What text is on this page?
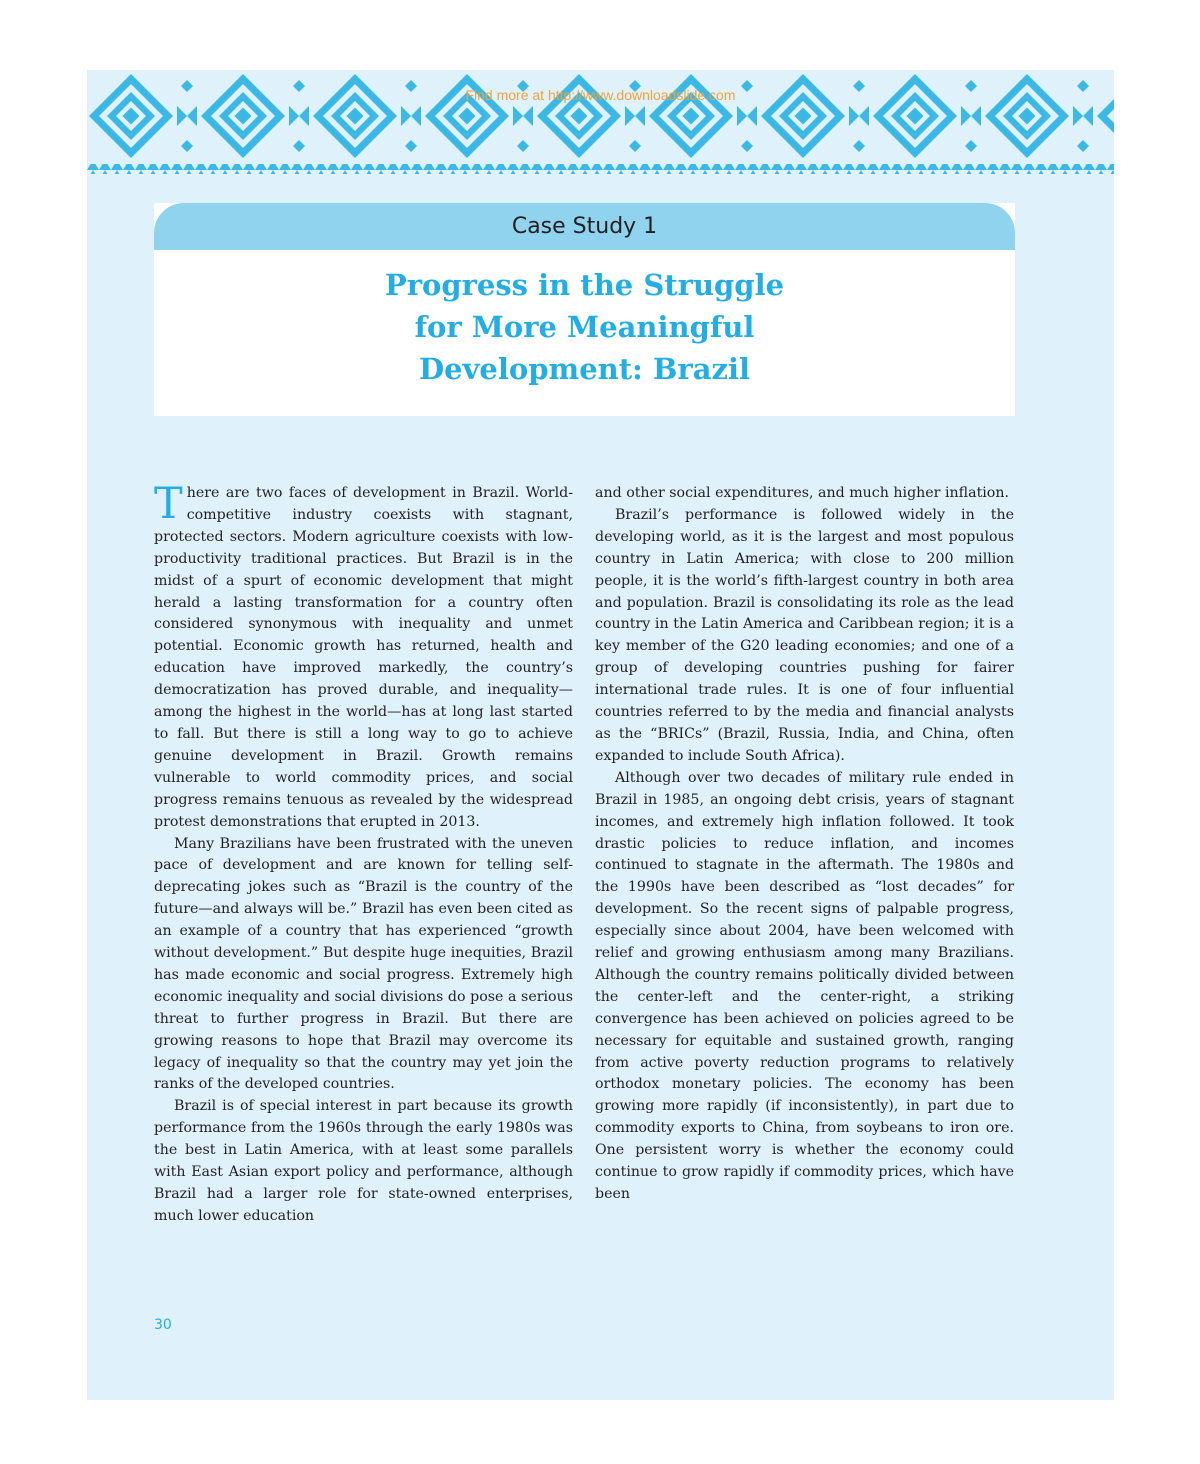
Find more at http://www.downloadslide.com
Case Study 1
Progress in the Struggle
for More Meaningful
Development: Brazil

There are two faces of development in Brazil. World-competitive industry coexists with stagnant, protected sectors. Modern agriculture coexists with low-productivity traditional practices. But Brazil is in the midst of a spurt of economic development that might herald a lasting transformation for a country often considered synonymous with inequality and unmet potential. Economic growth has returned, health and education have improved markedly, the country’s democratization has proved durable, and inequality—among the highest in the world—has at long last started to fall. But there is still a long way to go to achieve genuine development in Brazil. Growth remains vulnerable to world commodity prices, and social progress remains tenuous as revealed by the widespread protest demonstrations that erupted in 2013.

Many Brazilians have been frustrated with the uneven pace of development and are known for telling self-deprecating jokes such as “Brazil is the country of the future—and always will be.” Brazil has even been cited as an example of a country that has experienced “growth without development.” But despite huge inequities, Brazil has made economic and social progress. Extremely high economic inequality and social divisions do pose a serious threat to further progress in Brazil. But there are growing reasons to hope that Brazil may overcome its legacy of inequality so that the country may yet join the ranks of the developed countries.

Brazil is of special interest in part because its growth performance from the 1960s through the early 1980s was the best in Latin America, with at least some parallels with East Asian export policy and performance, although Brazil had a larger role for state-owned enterprises, much lower education

and other social expenditures, and much higher inflation.

Brazil’s performance is followed widely in the developing world, as it is the largest and most populous country in Latin America; with close to 200 million people, it is the world’s fifth-largest country in both area and population. Brazil is consolidating its role as the lead country in the Latin America and Caribbean region; it is a key member of the G20 leading economies; and one of a group of developing countries pushing for fairer international trade rules. It is one of four influential countries referred to by the media and financial analysts as the “BRICs” (Brazil, Russia, India, and China, often expanded to include South Africa).

Although over two decades of military rule ended in Brazil in 1985, an ongoing debt crisis, years of stagnant incomes, and extremely high inflation followed. It took drastic policies to reduce inflation, and incomes continued to stagnate in the aftermath. The 1980s and the 1990s have been described as “lost decades” for development. So the recent signs of palpable progress, especially since about 2004, have been welcomed with relief and growing enthusiasm among many Brazilians. Although the country remains politically divided between the center-left and the center-right, a striking convergence has been achieved on policies agreed to be necessary for equitable and sustained growth, ranging from active poverty reduction programs to relatively orthodox monetary policies. The economy has been growing more rapidly (if inconsistently), in part due to commodity exports to China, from soybeans to iron ore. One persistent worry is whether the economy could continue to grow rapidly if commodity prices, which have been

30
